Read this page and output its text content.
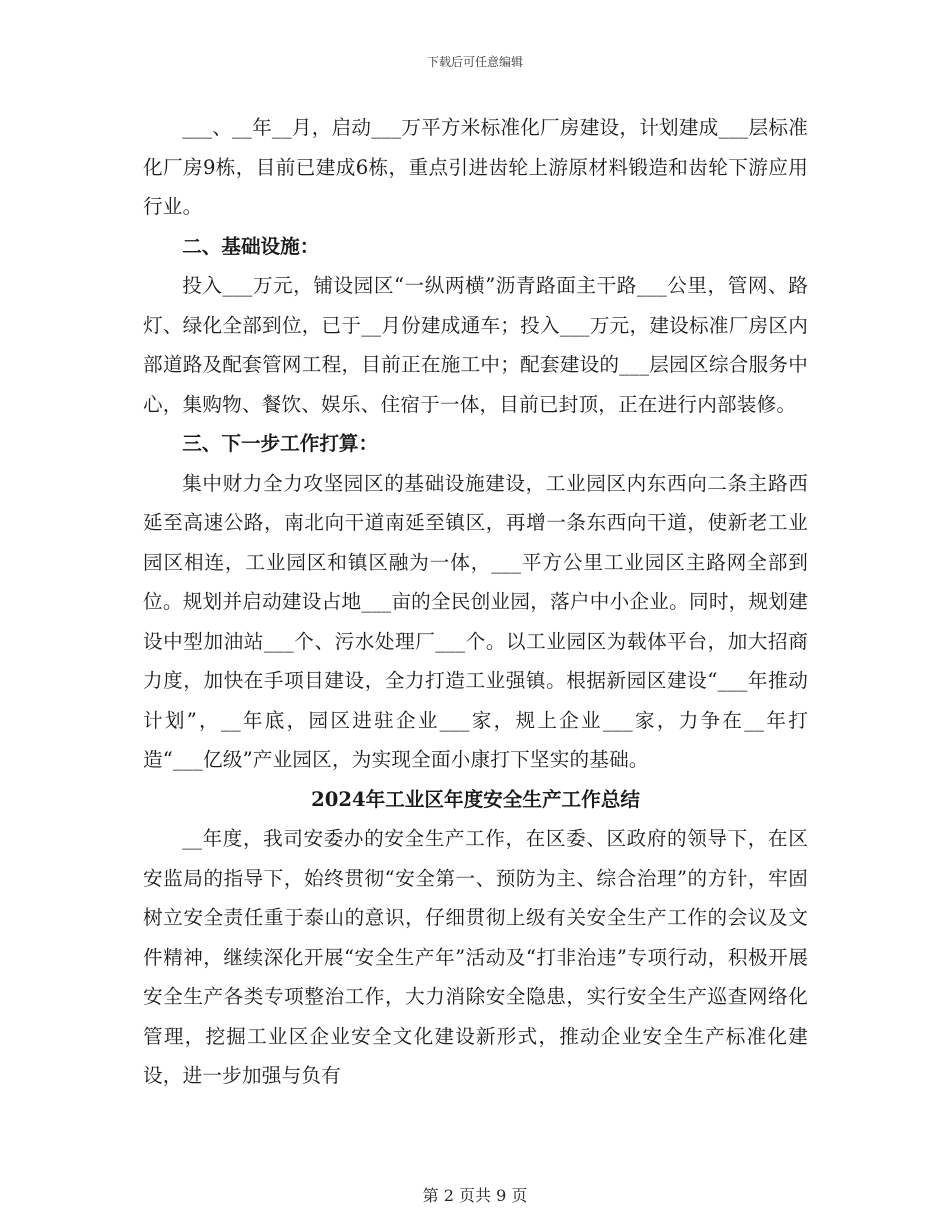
下载后可任意编辑

___、__年__月，启动___万平方米标准化厂房建设，计划建成___层标准化厂房9栋，目前已建成6栋，重点引进齿轮上游原材料锻造和齿轮下游应用行业。

二、基础设施：

投入___万元，铺设园区“一纵两横”沥青路面主干路___公里，管网、路灯、绿化全部到位，已于__月份建成通车；投入___万元，建设标准厂房区内部道路及配套管网工程，目前正在施工中；配套建设的___层园区综合服务中心，集购物、餐饮、娱乐、住宿于一体，目前已封顶，正在进行内部装修。

三、下一步工作打算：

集中财力全力攻坚园区的基础设施建设，工业园区内东西向二条主路西延至高速公路，南北向干道南延至镇区，再增一条东西向干道，使新老工业园区相连，工业园区和镇区融为一体，___平方公里工业园区主路网全部到位。规划并启动建设占地___亩的全民创业园，落户中小企业。同时，规划建设中型加油站___个、污水处理厂___个。以工业园区为载体平台，加大招商力度，加快在手项目建设，全力打造工业强镇。根据新园区建设“___年推动计划”，__年底，园区进驻企业___家，规上企业___家，力争在__年打造“___亿级”产业园区，为实现全面小康打下坚实的基础。

2024年工业区年度安全生产工作总结

__年度，我司安委办的安全生产工作，在区委、区政府的领导下，在区安监局的指导下，始终贯彻“安全第一、预防为主、综合治理”的方针，牢固树立安全责任重于泰山的意识，仔细贯彻上级有关安全生产工作的会议及文件精神，继续深化开展“安全生产年”活动及“打非治违”专项行动，积极开展安全生产各类专项整治工作，大力消除安全隐患，实行安全生产巡查网络化管理，挖掘工业区企业安全文化建设新形式，推动企业安全生产标准化建设，进一步加强与负有

第 2 页共 9 页
